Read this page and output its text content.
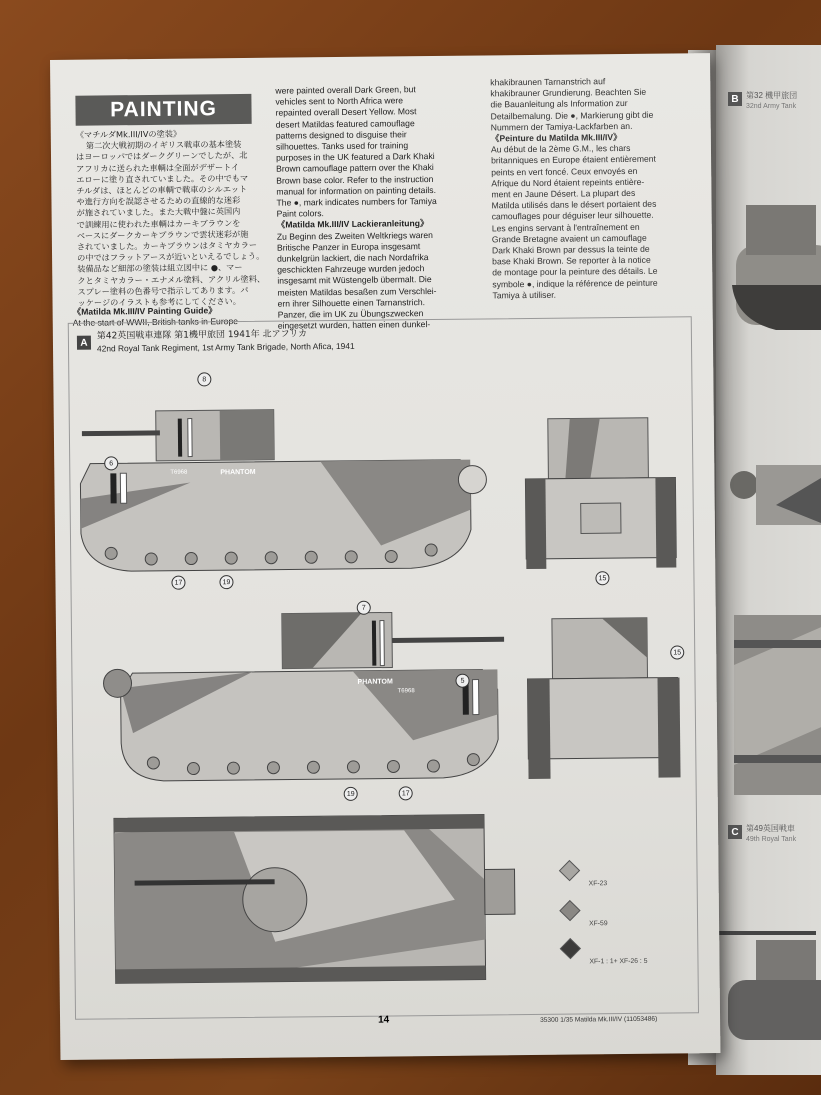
B 第32 機甲旅団
32nd Army Tank
C 第49英国戦車
49th Royal Tank
PAINTING

《マチルダMk.III/IVの塗装》

第二次大戦初期のイギリス戦車の基本塗装

はヨーロッパではダークグリーンでしたが、北

アフリカに送られた車輌は全面がデザートイ

エローに塗り直されていました。その中でもマ

チルダは、ほとんどの車輌で戦車のシルエット

や進行方向を誤認させるための直線的な迷彩

が施されていました。また大戦中盤に英国内

で訓練用に使われた車輌はカーキブラウンを

ベースにダークカーキブラウンで雲状迷彩が施

されていました。カーキブラウンはタミヤカラー

の中ではフラットアースが近いといえるでしょう。

装備品など細部の塗装は組立図中に ●、マー

クとタミヤカラー・エナメル塗料、アクリル塗料、

スプレー塗料の色番号で指示してあります。パ

ッケージのイラストも参考にしてください。

《Matilda Mk.III/IV Painting Guide》

At the start of WWII, British tanks in Europe

were painted overall Dark Green, but

vehicles sent to North Africa were

repainted overall Desert Yellow. Most

desert Matildas featured camouflage

patterns designed to disguise their

silhouettes. Tanks used for training

purposes in the UK featured a Dark Khaki

Brown camouflage pattern over the Khaki

Brown base color. Refer to the instruction

manual for information on painting details.

The ●, mark indicates numbers for Tamiya

Paint colors.

《Matilda Mk.III/IV Lackieranleitung》

Zu Beginn des Zweiten Weltkriegs waren

Britische Panzer in Europa insgesamt

dunkelgrün lackiert, die nach Nordafrika

geschickten Fahrzeuge wurden jedoch

insgesamt mit Wüstengelb übermalt. Die

meisten Matildas besaßen zum Verschlei-

ern ihrer Silhouette einen Tarnanstrich.

Panzer, die im UK zu Übungszwecken

eingesetzt wurden, hatten einen dunkel-

khakibraunen Tarnanstrich auf

khakibrauner Grundierung. Beachten Sie

die Bauanleitung als Information zur

Detailbemalung. Die ●, Markierung gibt die

Nummern der Tamiya-Lackfarben an.

《Peinture du Matilda Mk.III/IV》

Au début de la 2ème G.M., les chars

britanniques en Europe étaient entièrement

peints en vert foncé. Ceux envoyés en

Afrique du Nord étaient repeints entière-

ment en Jaune Désert. La plupart des

Matilda utilisés dans le désert portaient des

camouflages pour déguiser leur silhouette.

Les engins servant à l'entraînement en

Grande Bretagne avaient un camouflage

Dark Khaki Brown par dessus la teinte de

base Khaki Brown. Se reporter à la notice

de montage pour la peinture des détails. Le

symbole ●, indique la référence de peinture

Tamiya à utiliser.

A
第42英国戦車連隊 第1機甲旅団 1941年 北アフリカ
42nd Royal Tank Regiment, 1st Army Tank Brigade, North Afica, 1941
PHANTOM
T6968
PHANTOM
T6968
8
6
17	19
15
7
5
19	17
15
XF-23
XF-59
XF-1 : 1+ XF-26 : 5
14	35300 1/35 Matilda Mk.III/IV (11053486)
